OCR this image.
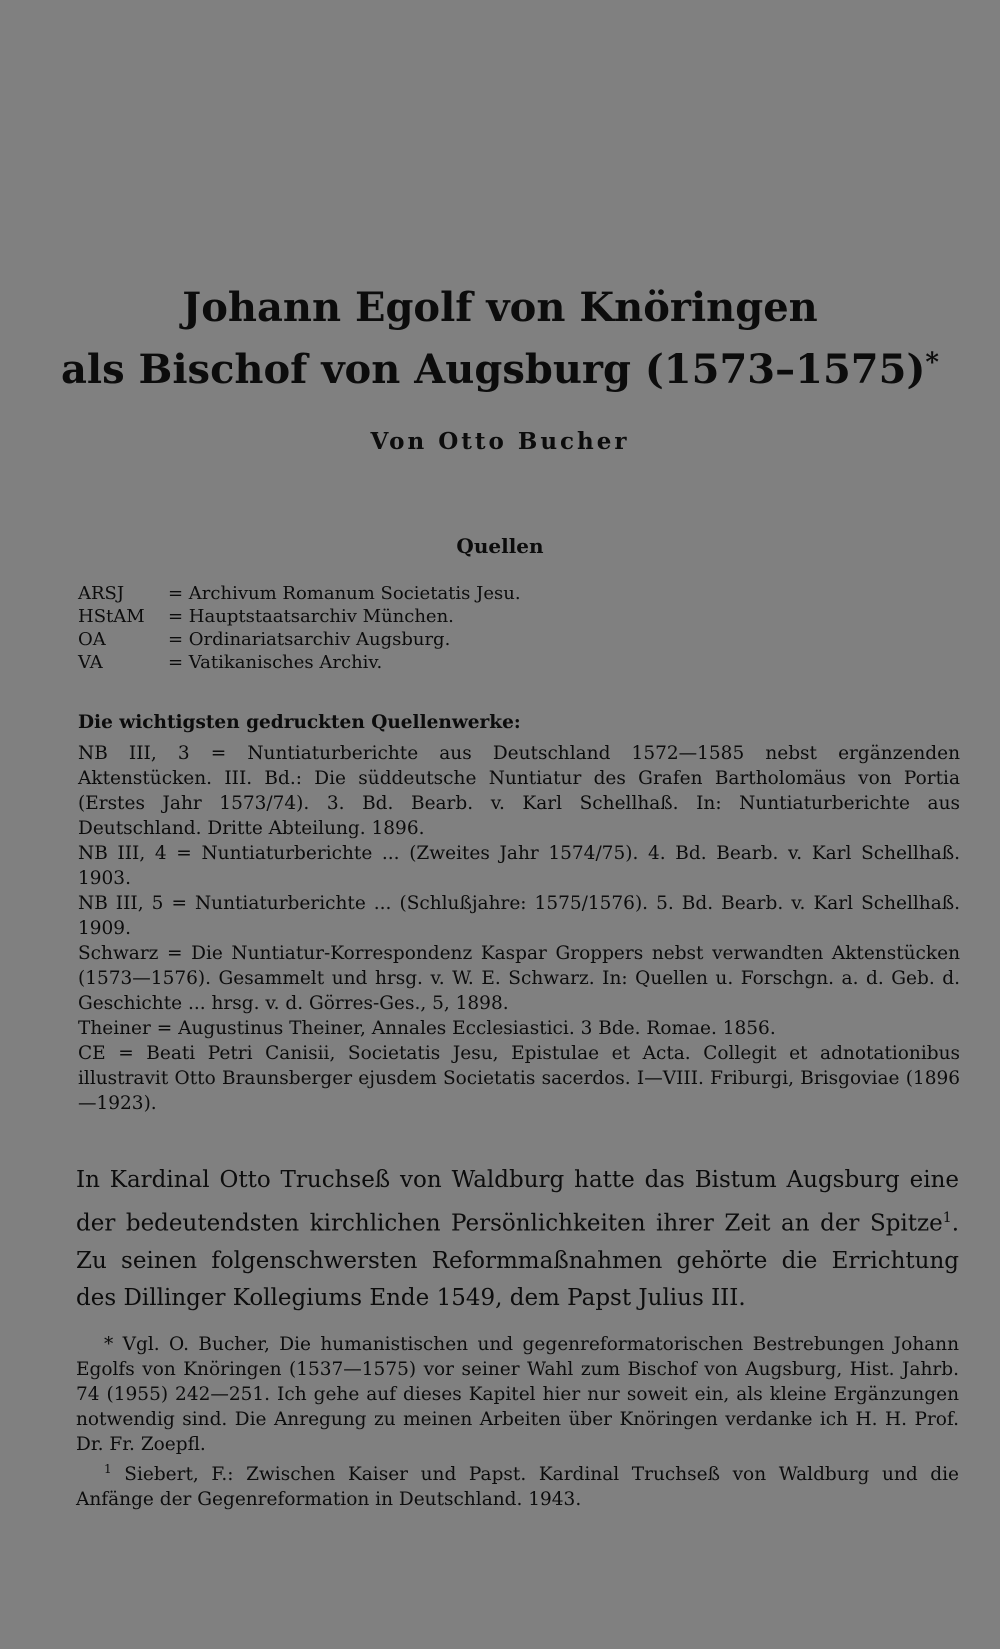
Johann Egolf von Knöringen
als Bischof von Augsburg (1573–1575)*
Von Otto Bucher
Quellen
ARSJ	= Archivum Romanum Societatis Jesu.
HStAM	= Hauptstaatsarchiv München.
OA	= Ordinariatsarchiv Augsburg.
VA	= Vatikanisches Archiv.
Die wichtigsten gedruckten Quellenwerke:

NB III, 3 = Nuntiaturberichte aus Deutschland 1572—1585 nebst ergänzenden Aktenstücken. III. Bd.: Die süddeutsche Nuntiatur des Grafen Bartholomäus von Portia (Erstes Jahr 1573/74). 3. Bd. Bearb. v. Karl Schellhaß. In: Nuntiaturberichte aus Deutschland. Dritte Abteilung. 1896.

NB III, 4 = Nuntiaturberichte ... (Zweites Jahr 1574/75). 4. Bd. Bearb. v. Karl Schellhaß. 1903.

NB III, 5 = Nuntiaturberichte ... (Schlußjahre: 1575/1576). 5. Bd. Bearb. v. Karl Schellhaß. 1909.

Schwarz = Die Nuntiatur-Korrespondenz Kaspar Groppers nebst verwandten Aktenstücken (1573—1576). Gesammelt und hrsg. v. W. E. Schwarz. In: Quellen u. Forschgn. a. d. Geb. d. Geschichte ... hrsg. v. d. Görres-Ges., 5, 1898.

Theiner = Augustinus Theiner, Annales Ecclesiastici. 3 Bde. Romae. 1856.

CE = Beati Petri Canisii, Societatis Jesu, Epistulae et Acta. Collegit et adnotationibus illustravit Otto Braunsberger ejusdem Societatis sacerdos. I—VIII. Friburgi, Brisgoviae (1896—1923).

In Kardinal Otto Truchseß von Waldburg hatte das Bistum Augsburg eine der bedeutendsten kirchlichen Persönlichkeiten ihrer Zeit an der Spitze$^1$. Zu seinen folgenschwersten Reformmaßnahmen gehörte die Errichtung des Dillinger Kollegiums Ende 1549, dem Papst Julius III.

* Vgl. O. Bucher, Die humanistischen und gegenreformatorischen Bestrebungen Johann Egolfs von Knöringen (1537—1575) vor seiner Wahl zum Bischof von Augsburg, Hist. Jahrb. 74 (1955) 242—251. Ich gehe auf dieses Kapitel hier nur soweit ein, als kleine Ergänzungen notwendig sind. Die Anregung zu meinen Arbeiten über Knöringen verdanke ich H. H. Prof. Dr. Fr. Zoepfl.

$^1$ Siebert, F.: Zwischen Kaiser und Papst. Kardinal Truchseß von Waldburg und die Anfänge der Gegenreformation in Deutschland. 1943.
